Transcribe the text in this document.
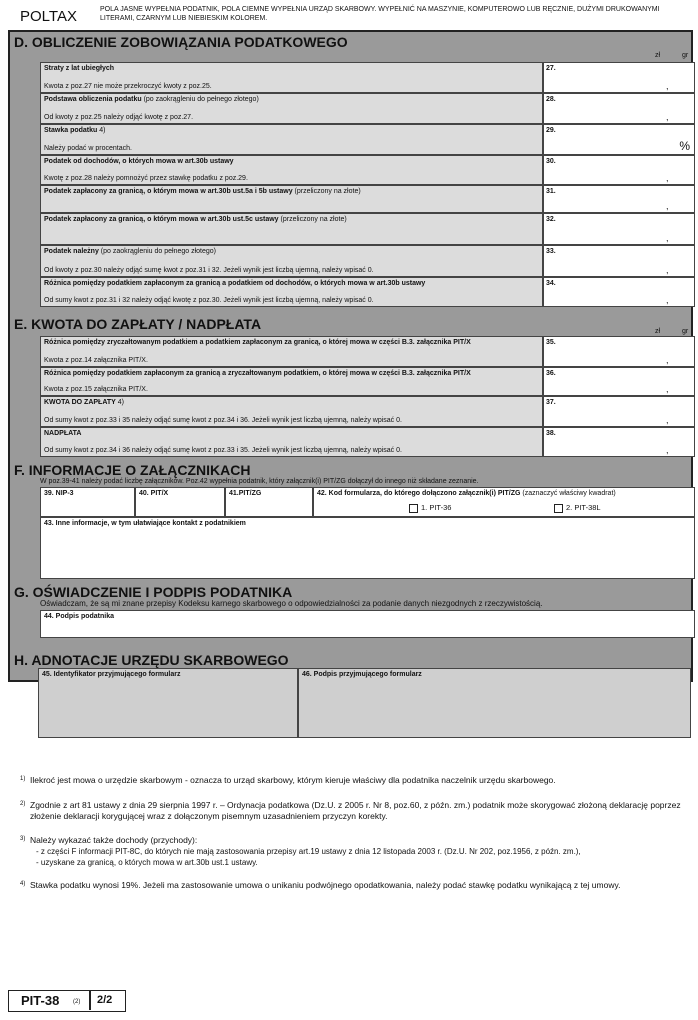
POLTAX	POLA JASNE WYPEŁNIA PODATNIK, POLA CIEMNE WYPEŁNIA URZĄD SKARBOWY. WYPEŁNIĆ NA MASZYNIE, KOMPUTEROWO LUB RĘCZNIE, DUŻYMI DRUKOWANYMI LITERAMI, CZARNYM LUB NIEBIESKIM KOLOREM.
D. OBLICZENIE ZOBOWIĄZANIA PODATKOWEGO
zł	gr
Straty z lat ubiegłych
Kwota z poz.27 nie może przekroczyć kwoty z poz.25.
27.
,
Podstawa obliczenia podatku (po zaokrągleniu do pełnego złotego)
Od kwoty z poz.25 należy odjąć kwotę z poz.27.
28.
,
Stawka podatku 4)
Należy podać w procentach.
29.
%
Podatek od dochodów, o których mowa w art.30b ustawy
Kwotę z poz.28 należy pomnożyć przez stawkę podatku z poz.29.
30.
,
Podatek zapłacony za granicą, o którym mowa w art.30b ust.5a i 5b ustawy (przeliczony na złote)	31.
,
Podatek zapłacony za granicą, o którym mowa w art.30b ust.5c ustawy (przeliczony na złote)	32.
,
Podatek należny (po zaokrągleniu do pełnego złotego)
Od kwoty z poz.30 należy odjąć sumę kwot z poz.31 i 32. Jeżeli wynik jest liczbą ujemną, należy wpisać 0.
33.
,
Różnica pomiędzy podatkiem zapłaconym za granicą a podatkiem od dochodów, o których mowa w art.30b ustawy
Od sumy kwot z poz.31 i 32 należy odjąć kwotę z poz.30. Jeżeli wynik jest liczbą ujemną, należy wpisać 0.
34.
,
E. KWOTA DO ZAPŁATY / NADPŁATA	zł	gr
Różnica pomiędzy zryczałtowanym podatkiem a podatkiem zapłaconym za granicą, o której mowa w części B.3. załącznika PIT/X
Kwota z poz.14 załącznika PIT/X.
35.
,
Różnica pomiędzy podatkiem zapłaconym za granicą a zryczałtowanym podatkiem, o której mowa w części B.3. załącznika PIT/X
Kwota z poz.15 załącznika PIT/X.
36.
,
KWOTA DO ZAPŁATY 4)
Od sumy kwot z poz.33 i 35 należy odjąć sumę kwot z poz.34 i 36. Jeżeli wynik jest liczbą ujemną, należy wpisać 0.
37.
,
NADPŁATA
Od sumy kwot z poz.34 i 36 należy odjąć sumę kwot z poz.33 i 35. Jeżeli wynik jest liczbą ujemną, należy wpisać 0.
38.
,
F. INFORMACJE O ZAŁĄCZNIKACH
W poz.39-41 należy podać liczbę załączników. Poz.42 wypełnia podatnik, który załącznik(i) PIT/ZG dołączył do innego niż składane zeznanie.
39. NIP-3	40. PIT/X	41.PIT/ZG	42. Kod formularza, do którego dołączono załącznik(i) PIT/ZG (zaznaczyć właściwy kwadrat)
1. PIT-36	2. PIT-38L
43. Inne informacje, w tym ułatwiające kontakt z podatnikiem
G. OŚWIADCZENIE I PODPIS PODATNIKA
Oświadczam, że są mi znane przepisy Kodeksu karnego skarbowego o odpowiedzialności za podanie danych niezgodnych z rzeczywistością.
44. Podpis podatnika
H. ADNOTACJE URZĘDU SKARBOWEGO
45. Identyfikator przyjmującego formularz	46. Podpis przyjmującego formularz
1) Ilekroć jest mowa o urzędzie skarbowym - oznacza to urząd skarbowy, którym kieruje właściwy dla podatnika naczelnik urzędu skarbowego.
2) Zgodnie z art 81 ustawy z dnia 29 sierpnia 1997 r. – Ordynacja podatkowa (Dz.U. z 2005 r. Nr 8, poz.60, z późn. zm.) podatnik może skorygować złożoną deklarację poprzez złożenie deklaracji korygującej wraz z dołączonym pisemnym uzasadnieniem przyczyn korekty.
3) Należy wykazać także dochody (przychody):
- z części F informacji PIT-8C, do których nie mają zastosowania przepisy art.19 ustawy z dnia 12 listopada 2003 r. (Dz.U. Nr 202, poz.1956, z późn. zm.),
- uzyskane za granicą, o których mowa w art.30b ust.1 ustawy.
4) Stawka podatku wynosi 19%. Jeżeli ma zastosowanie umowa o unikaniu podwójnego opodatkowania, należy podać stawkę podatku wynikającą z tej umowy.
PIT-38 (2) 2/2
